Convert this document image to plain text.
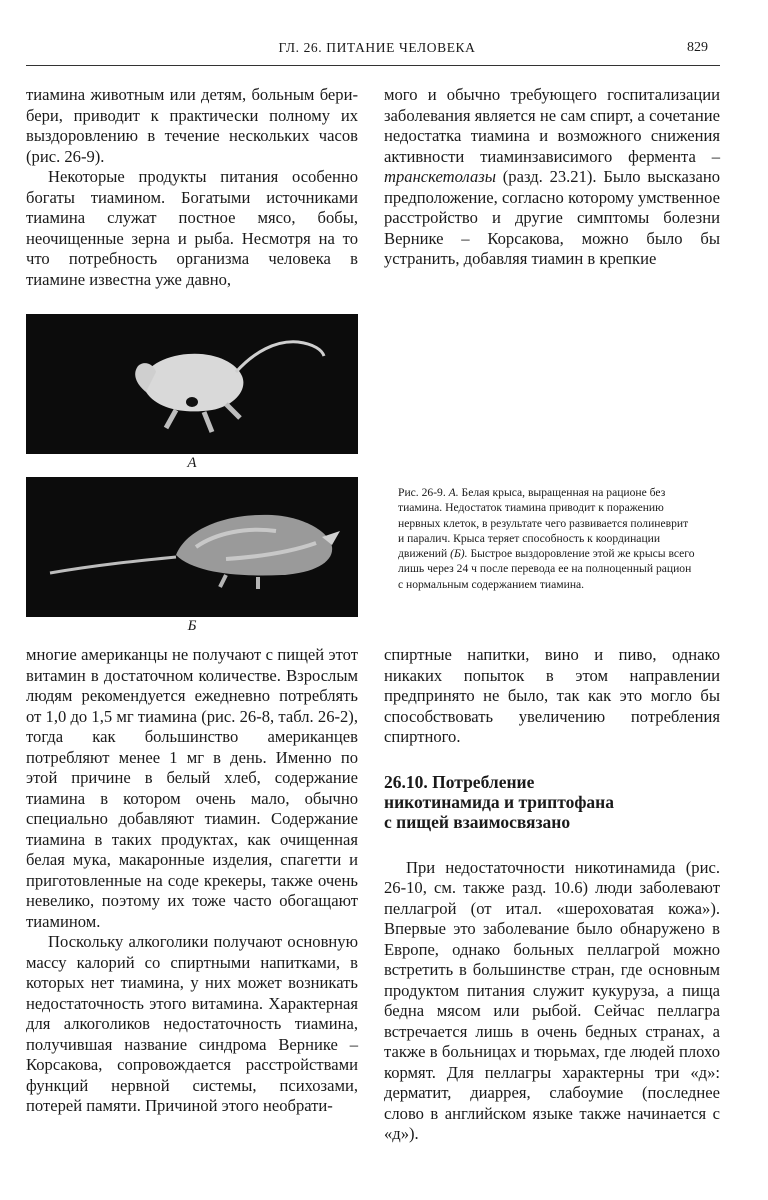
ГЛ. 26. ПИТАНИЕ ЧЕЛОВЕКА	829

тиамина животным или детям, больным бери-бери, приводит к практически полному их выздоровлению в течение нескольких часов (рис. 26-9).

Некоторые продукты питания особенно богаты тиамином. Богатыми источниками тиамина служат постное мясо, бобы, неочищенные зерна и рыба. Несмотря на то что потребность организма человека в тиамине известна уже давно,

мого и обычно требующего госпитализации заболевания является не сам спирт, а сочетание недостатка тиамина и возможного снижения активности тиаминзависимого фермента – транскетолазы (разд. 23.21). Было высказано предположение, согласно которому умственное расстройство и другие симптомы болезни Вернике – Корсакова, можно было бы устранить, добавляя тиамин в крепкие

А
Б
Рис. 26-9. А. Белая крыса, выращенная на рационе без тиамина. Недостаток тиамина приводит к поражению нервных клеток, в результате чего развивается полиневрит и паралич. Крыса теряет способность к координации движений (Б). Быстрое выздоровление этой же крысы всего лишь через 24 ч после перевода ее на полноценный рацион с нормальным содержанием тиамина.

многие американцы не получают с пищей этот витамин в достаточном количестве. Взрослым людям рекомендуется ежедневно потреблять от 1,0 до 1,5 мг тиамина (рис. 26-8, табл. 26-2), тогда как большинство американцев потребляют менее 1 мг в день. Именно по этой причине в белый хлеб, содержание тиамина в котором очень мало, обычно специально добавляют тиамин. Содержание тиамина в таких продуктах, как очищенная белая мука, макаронные изделия, спагетти и приготовленные на соде крекеры, также очень невелико, поэтому их тоже часто обогащают тиамином.

Поскольку алкоголики получают основную массу калорий со спиртными напитками, в которых нет тиамина, у них может возникать недостаточность этого витамина. Характерная для алкоголиков недостаточность тиамина, получившая название синдрома Вернике – Корсакова, сопровождается расстройствами функций нервной системы, психозами, потерей памяти. Причиной этого необрати-

спиртные напитки, вино и пиво, однако никаких попыток в этом направлении предпринято не было, так как это могло бы способствовать увеличению потребления спиртного.

26.10. Потребление
никотинамида и триптофана
с пищей взаимосвязано

При недостаточности никотинамида (рис. 26-10, см. также разд. 10.6) люди заболевают пеллагрой (от итал. «шероховатая кожа»). Впервые это заболевание было обнаружено в Европе, однако больных пеллагрой можно встретить в большинстве стран, где основным продуктом питания служит кукуруза, а пища бедна мясом или рыбой. Сейчас пеллагра встречается лишь в очень бедных странах, а также в больницах и тюрьмах, где людей плохо кормят. Для пеллагры характерны три «д»: дерматит, диаррея, слабоумие (последнее слово в английском языке также начинается с «д»).
